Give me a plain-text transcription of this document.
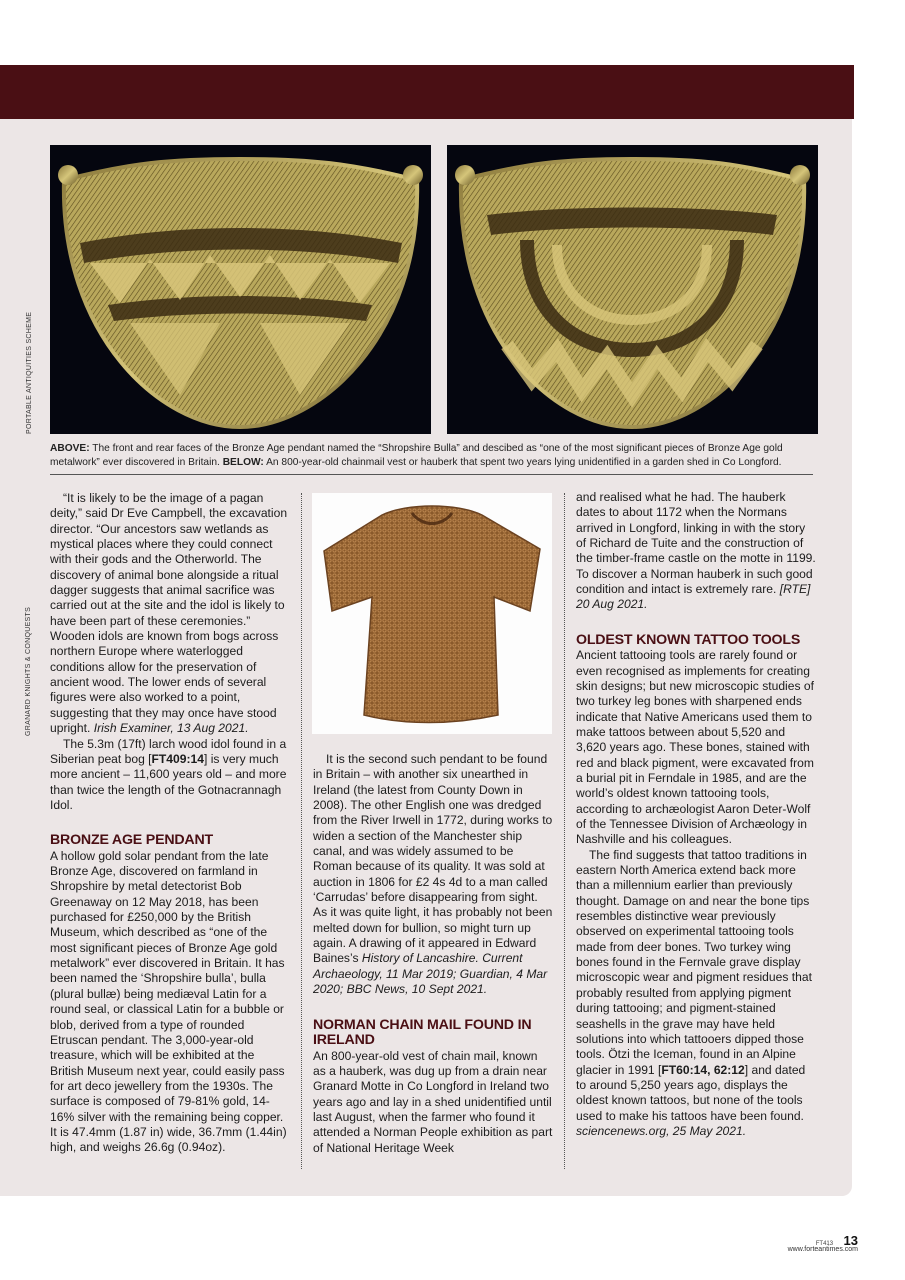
PORTABLE ANTIQUITIES SCHEME
GRANARD KNIGHTS & CONQUESTS
ABOVE: The front and rear faces of the Bronze Age pendant named the “Shropshire Bulla” and descibed as “one of the most significant pieces of Bronze Age gold metalwork” ever discovered in Britain. BELOW: An 800-year-old chainmail vest or hauberk that spent two years lying unidentified in a garden shed in Co Longford.

“It is likely to be the image of a pagan deity,” said Dr Eve Campbell, the excavation director. “Our ancestors saw wetlands as mystical places where they could connect with their gods and the Otherworld. The discovery of animal bone alongside a ritual dagger suggests that animal sacrifice was carried out at the site and the idol is likely to have been part of these ceremonies.” Wooden idols are known from bogs across northern Europe where waterlogged conditions allow for the preservation of ancient wood. The lower ends of several figures were also worked to a point, suggesting that they may once have stood upright. Irish Examiner, 13 Aug 2021.

The 5.3m (17ft) larch wood idol found in a Siberian peat bog [FT409:14] is very much more ancient – 11,600 years old – and more than twice the length of the Gotnacrannagh Idol.

BRONZE AGE PENDANT

A hollow gold solar pendant from the late Bronze Age, discovered on farmland in Shropshire by metal detectorist Bob Greenaway on 12 May 2018, has been purchased for £250,000 by the British Museum, which described as “one of the most significant pieces of Bronze Age gold metalwork” ever discovered in Britain. It has been named the ‘Shropshire bulla’, bulla (plural bullæ) being mediæval Latin for a round seal, or classical Latin for a bubble or blob, derived from a type of rounded Etruscan pendant. The 3,000-year-old treasure, which will be exhibited at the British Museum next year, could easily pass for art deco jewellery from the 1930s. The surface is composed of 79-81% gold, 14-16% silver with the remaining being copper. It is 47.4mm (1.87 in) wide, 36.7mm (1.44in) high, and weighs 26.6g (0.94oz).

It is the second such pendant to be found in Britain – with another six unearthed in Ireland (the latest from County Down in 2008). The other English one was dredged from the River Irwell in 1772, during works to widen a section of the Manchester ship canal, and was widely assumed to be Roman because of its quality. It was sold at auction in 1806 for £2 4s 4d to a man called ‘Carrudas’ before disappearing from sight. As it was quite light, it has probably not been melted down for bullion, so might turn up again. A drawing of it appeared in Edward Baines’s History of Lancashire. Current Archaeology, 11 Mar 2019; Guardian, 4 Mar 2020; BBC News, 10 Sept 2021.

NORMAN CHAIN MAIL FOUND IN IRELAND

An 800-year-old vest of chain mail, known as a hauberk, was dug up from a drain near Granard Motte in Co Longford in Ireland two years ago and lay in a shed unidentified until last August, when the farmer who found it attended a Norman People exhibition as part of National Heritage Week

and realised what he had. The hauberk dates to about 1172 when the Normans arrived in Longford, linking in with the story of Richard de Tuite and the construction of the timber-frame castle on the motte in 1199. To discover a Norman hauberk in such good condition and intact is extremely rare. [RTE] 20 Aug 2021.

OLDEST KNOWN TATTOO TOOLS

Ancient tattooing tools are rarely found or even recognised as implements for creating skin designs; but new microscopic studies of two turkey leg bones with sharpened ends indicate that Native Americans used them to make tattoos between about 5,520 and 3,620 years ago. These bones, stained with red and black pigment, were excavated from a burial pit in Ferndale in 1985, and are the world’s oldest known tattooing tools, according to archæologist Aaron Deter-Wolf of the Tennessee Division of Archæology in Nashville and his colleagues.

The find suggests that tattoo traditions in eastern North America extend back more than a millennium earlier than previously thought. Damage on and near the bone tips resembles distinctive wear previously observed on experimental tattooing tools made from deer bones. Two turkey wing bones found in the Fernvale grave display microscopic wear and pigment residues that probably resulted from applying pigment during tattooing; and pigment-stained seashells in the grave may have held solutions into which tattooers dipped those tools. Ötzi the Iceman, found in an Alpine glacier in 1991 [FT60:14, 62:12] and dated to around 5,250 years ago, displays the oldest known tattoos, but none of the tools used to make his tattoos have been found. sciencenews.org, 25 May 2021.

FT413 13
www.forteantimes.com
